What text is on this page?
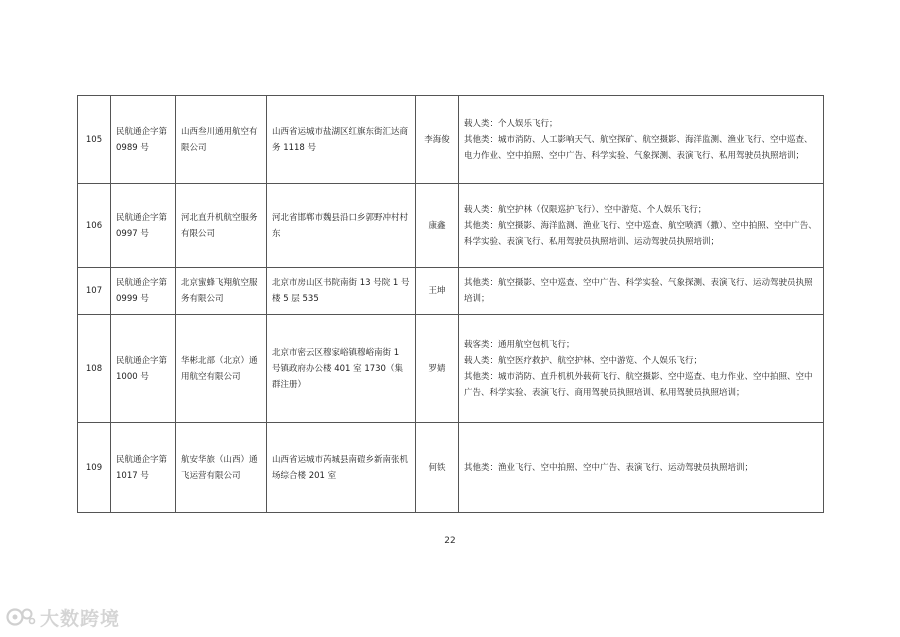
105	民航通企字第 0989 号	山西叁川通用航空有限公司	山西省运城市盐湖区红旗东街汇达商务 1118 号	李海俊	载人类：个人娱乐飞行；
其他类：城市消防、人工影响天气、航空探矿、航空摄影、海洋监测、渔业飞行、空中巡查、电力作业、空中拍照、空中广告、科学实验、气象探测、表演飞行、私用驾驶员执照培训；

106	民航通企字第 0997 号	河北直升机航空服务有限公司	河北省邯郸市魏县沿口乡郭野冲村村东	康鑫	载人类：航空护林（仅限巡护飞行）、空中游览、个人娱乐飞行；
其他类：航空摄影、海洋监测、渔业飞行、空中巡查、航空喷洒（撒）、空中拍照、空中广告、科学实验、表演飞行、私用驾驶员执照培训、运动驾驶员执照培训；

107	民航通企字第 0999 号	北京蜜蜂飞翔航空服务有限公司	北京市房山区书院南街 13 号院 1 号楼 5 层 535	王坤	其他类：航空摄影、空中巡查、空中广告、科学实验、气象探测、表演飞行、运动驾驶员执照培训；

108	民航通企字第 1000 号	华彬北部（北京）通用航空有限公司	北京市密云区穆家峪镇穆峪南街 1 号镇政府办公楼 401 室 1730（集群注册）	罗婧	载客类：通用航空包机飞行；
载人类：航空医疗救护、航空护林、空中游览、个人娱乐飞行；
其他类：城市消防、直升机机外载荷飞行、航空摄影、空中巡查、电力作业、空中拍照、空中广告、科学实验、表演飞行、商用驾驶员执照培训、私用驾驶员执照培训；

109	民航通企字第 1017 号	航安华旅（山西）通飞运营有限公司	山西省运城市芮城县南磑乡新南张机场综合楼 201 室	何铁	其他类：渔业飞行、空中拍照、空中广告、表演飞行、运动驾驶员执照培训；
22
大数跨境
